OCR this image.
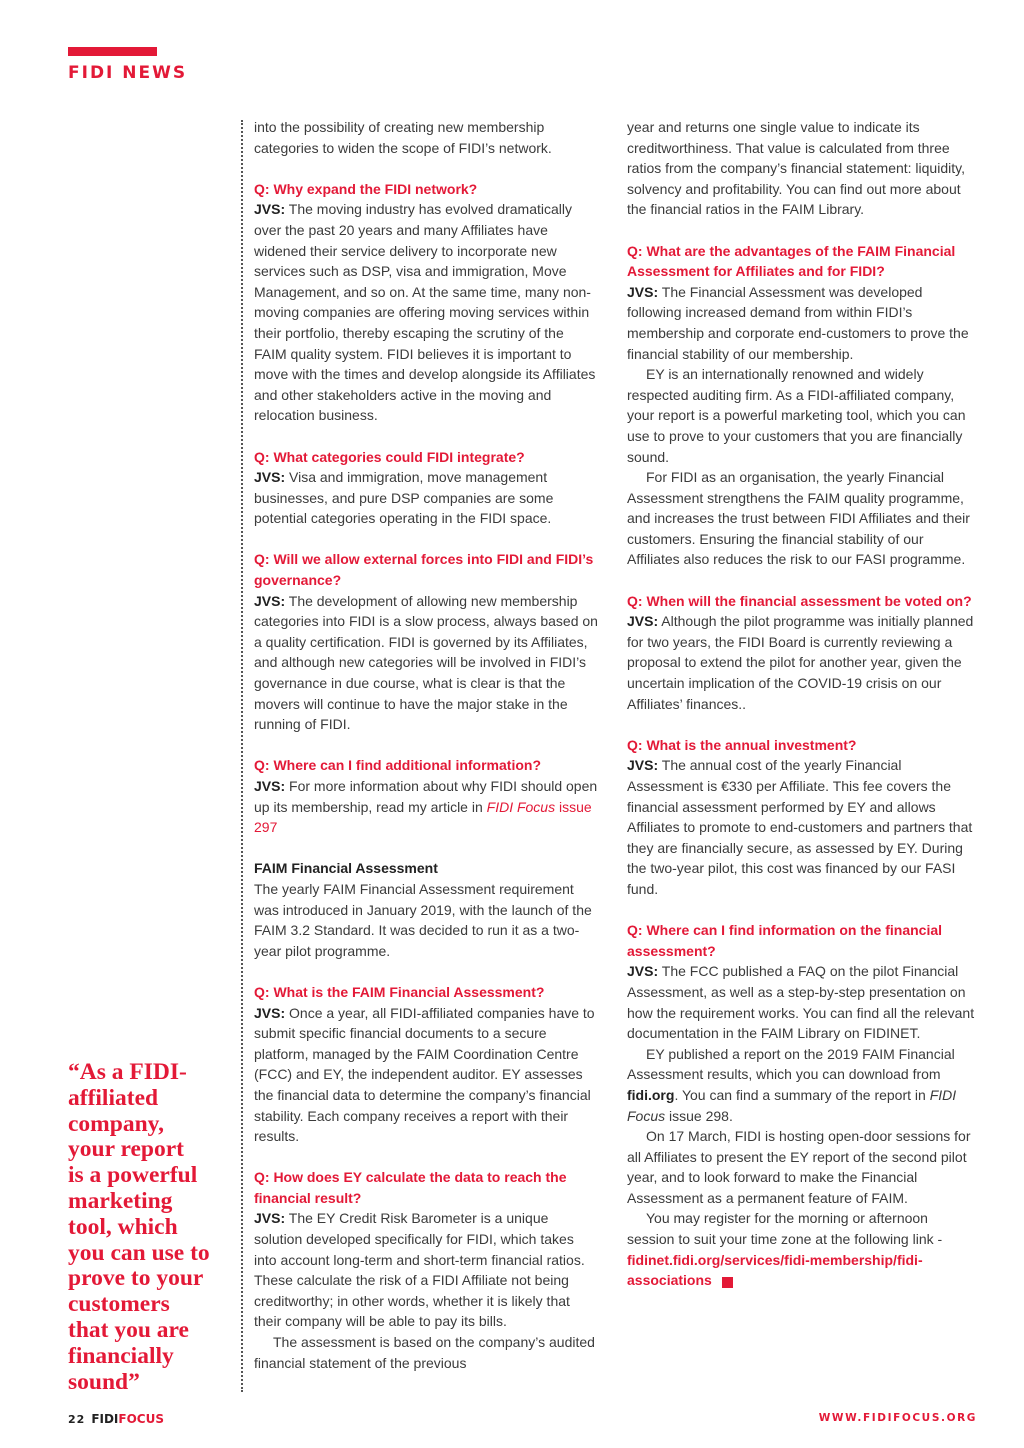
FIDI NEWS
into the possibility of creating new membership categories to widen the scope of FIDI’s network.
Q: Why expand the FIDI network?
JVS: The moving industry has evolved dramatically over the past 20 years and many Affiliates have widened their service delivery to incorporate new services such as DSP, visa and immigration, Move Management, and so on. At the same time, many non-moving companies are offering moving services within their portfolio, thereby escaping the scrutiny of the FAIM quality system. FIDI believes it is important to move with the times and develop alongside its Affiliates and other stakeholders active in the moving and relocation business.
Q: What categories could FIDI integrate?
JVS: Visa and immigration, move management businesses, and pure DSP companies are some potential categories operating in the FIDI space.
Q: Will we allow external forces into FIDI and FIDI’s governance?
JVS: The development of allowing new membership categories into FIDI is a slow process, always based on a quality certification. FIDI is governed by its Affiliates, and although new categories will be involved in FIDI’s governance in due course, what is clear is that the movers will continue to have the major stake in the running of FIDI.
Q: Where can I find additional information?
JVS: For more information about why FIDI should open up its membership, read my article in FIDI Focus issue 297
FAIM Financial Assessment
The yearly FAIM Financial Assessment requirement was introduced in January 2019, with the launch of the FAIM 3.2 Standard. It was decided to run it as a two-year pilot programme.
Q: What is the FAIM Financial Assessment?
JVS: Once a year, all FIDI-affiliated companies have to submit specific financial documents to a secure platform, managed by the FAIM Coordination Centre (FCC) and EY, the independent auditor. EY assesses the financial data to determine the company’s financial stability. Each company receives a report with their results.
Q: How does EY calculate the data to reach the financial result?
JVS: The EY Credit Risk Barometer is a unique solution developed specifically for FIDI, which takes into account long-term and short-term financial ratios. These calculate the risk of a FIDI Affiliate not being creditworthy; in other words, whether it is likely that their company will be able to pay its bills.
The assessment is based on the company’s audited financial statement of the previous
year and returns one single value to indicate its creditworthiness. That value is calculated from three ratios from the company’s financial statement: liquidity, solvency and profitability. You can find out more about the financial ratios in the FAIM Library.
Q: What are the advantages of the FAIM Financial Assessment for Affiliates and for FIDI?
JVS: The Financial Assessment was developed following increased demand from within FIDI’s membership and corporate end-customers to prove the financial stability of our membership.
EY is an internationally renowned and widely respected auditing firm. As a FIDI-affiliated company, your report is a powerful marketing tool, which you can use to prove to your customers that you are financially sound.
For FIDI as an organisation, the yearly Financial Assessment strengthens the FAIM quality programme, and increases the trust between FIDI Affiliates and their customers. Ensuring the financial stability of our Affiliates also reduces the risk to our FASI programme.
Q: When will the financial assessment be voted on?
JVS: Although the pilot programme was initially planned for two years, the FIDI Board is currently reviewing a proposal to extend the pilot for another year, given the uncertain implication of the COVID-19 crisis on our Affiliates’ finances..
Q: What is the annual investment?
JVS: The annual cost of the yearly Financial Assessment is €330 per Affiliate. This fee covers the financial assessment performed by EY and allows Affiliates to promote to end-customers and partners that they are financially secure, as assessed by EY. During the two-year pilot, this cost was financed by our FASI fund.
Q: Where can I find information on the financial assessment?
JVS: The FCC published a FAQ on the pilot Financial Assessment, as well as a step-by-step presentation on how the requirement works. You can find all the relevant documentation in the FAIM Library on FIDINET.
EY published a report on the 2019 FAIM Financial Assessment results, which you can download from fidi.org. You can find a summary of the report in FIDI Focus issue 298.
On 17 March, FIDI is hosting open-door sessions for all Affiliates to present the EY report of the second pilot year, and to look forward to make the Financial Assessment as a permanent feature of FAIM.
You may register for the morning or afternoon session to suit your time zone at the following link - fidinet.fidi.org/services/fidi-membership/fidi-associations	FF
“As a FIDI-
affiliated
company,
your report
is a powerful
marketing
tool, which
you can use to
prove to your
customers
that you are
financially
sound”
22 FIDIFOCUS	WWW.FIDIFOCUS.ORG
